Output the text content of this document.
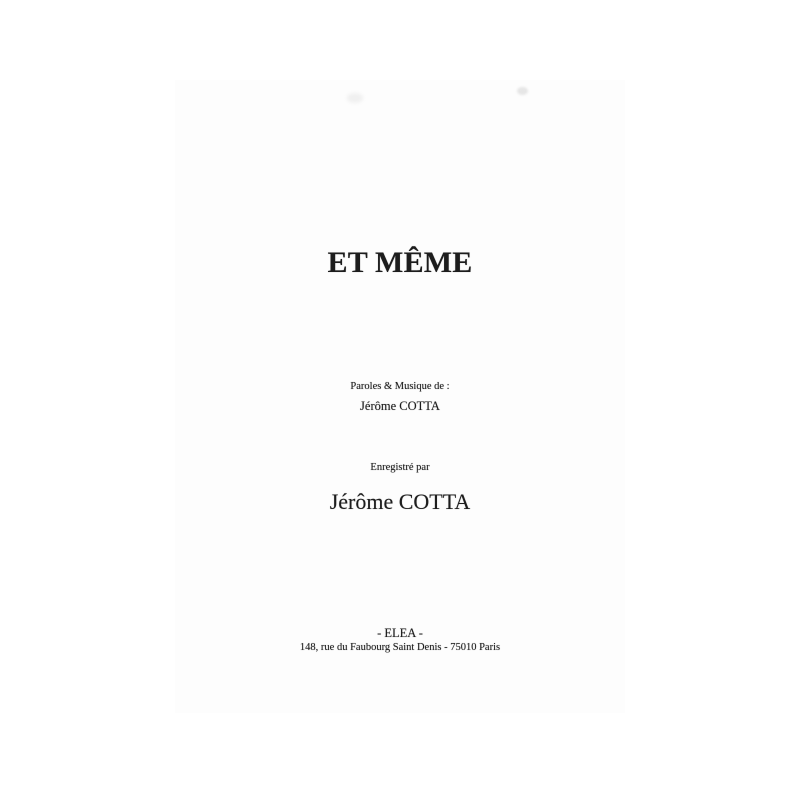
ET MÊME
Paroles & Musique de :
Jérôme COTTA
Enregistré par
Jérôme COTTA
- ELEA -
148, rue du Faubourg Saint Denis - 75010 Paris
